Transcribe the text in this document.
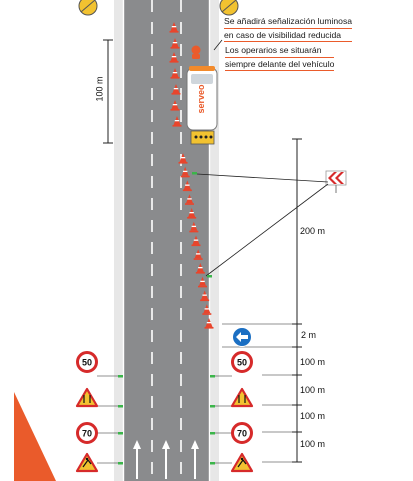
50	50
70	70
serveo
Se añadirá señalización luminosa
en caso de visibilidad reducida
Los operarios se situarán
siempre delante del vehículo
100 m
200 m
2 m
100 m
100 m
100 m
100 m
